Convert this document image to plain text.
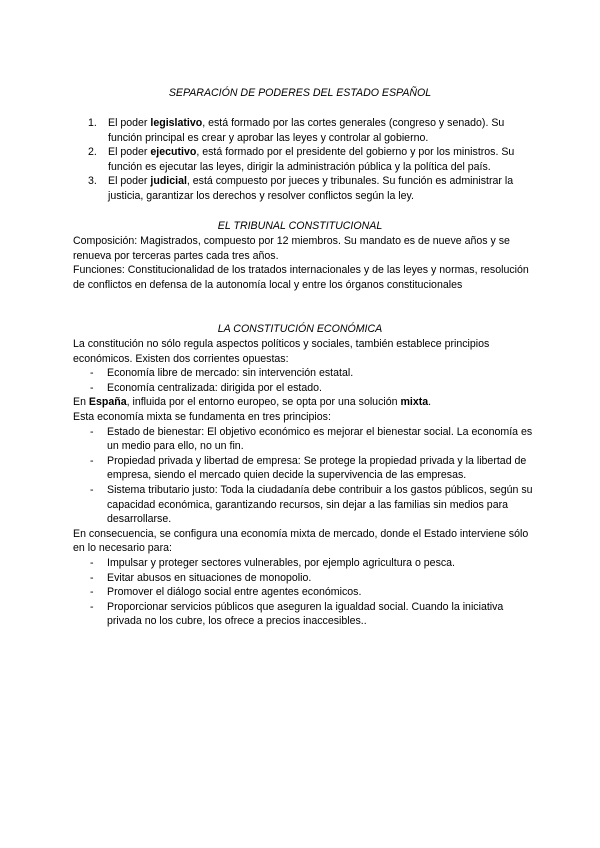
SEPARACIÓN DE PODERES DEL ESTADO ESPAÑOL
1. El poder legislativo, está formado por las cortes generales (congreso y senado). Su función principal es crear y aprobar las leyes y controlar al gobierno.
2. El poder ejecutivo, está formado por el presidente del gobierno y por los ministros. Su función es ejecutar las leyes, dirigir la administración pública y la política del país.
3. El poder judicial, está compuesto por jueces y tribunales. Su función es administrar la justicia, garantizar los derechos y resolver conflictos según la ley.
EL TRIBUNAL CONSTITUCIONAL

Composición: Magistrados, compuesto por 12 miembros. Su mandato es de nueve años y se renueva por terceras partes cada tres años.

Funciones: Constitucionalidad de los tratados internacionales y de las leyes y normas, resolución de conflictos en defensa de la autonomía local y entre los órganos constitucionales

LA CONSTITUCIÓN ECONÓMICA

La constitución no sólo regula aspectos políticos y sociales, también establece principios económicos. Existen dos corrientes opuestas:

- Economía libre de mercado: sin intervención estatal.
- Economía centralizada: dirigida por el estado.

En España, influida por el entorno europeo, se opta por una solución mixta.

Esta economía mixta se fundamenta en tres principios:

- Estado de bienestar: El objetivo económico es mejorar el bienestar social. La economía es un medio para ello, no un fin.
- Propiedad privada y libertad de empresa: Se protege la propiedad privada y la libertad de empresa, siendo el mercado quien decide la supervivencia de las empresas.
- Sistema tributario justo: Toda la ciudadanía debe contribuir a los gastos públicos, según su capacidad económica, garantizando recursos, sin dejar a las familias sin medios para desarrollarse.

En consecuencia, se configura una economía mixta de mercado, donde el Estado interviene sólo en lo necesario para:

- Impulsar y proteger sectores vulnerables, por ejemplo agricultura o pesca.
- Evitar abusos en situaciones de monopolio.
- Promover el diálogo social entre agentes económicos.
- Proporcionar servicios públicos que aseguren la igualdad social. Cuando la iniciativa privada no los cubre, los ofrece a precios inaccesibles..
